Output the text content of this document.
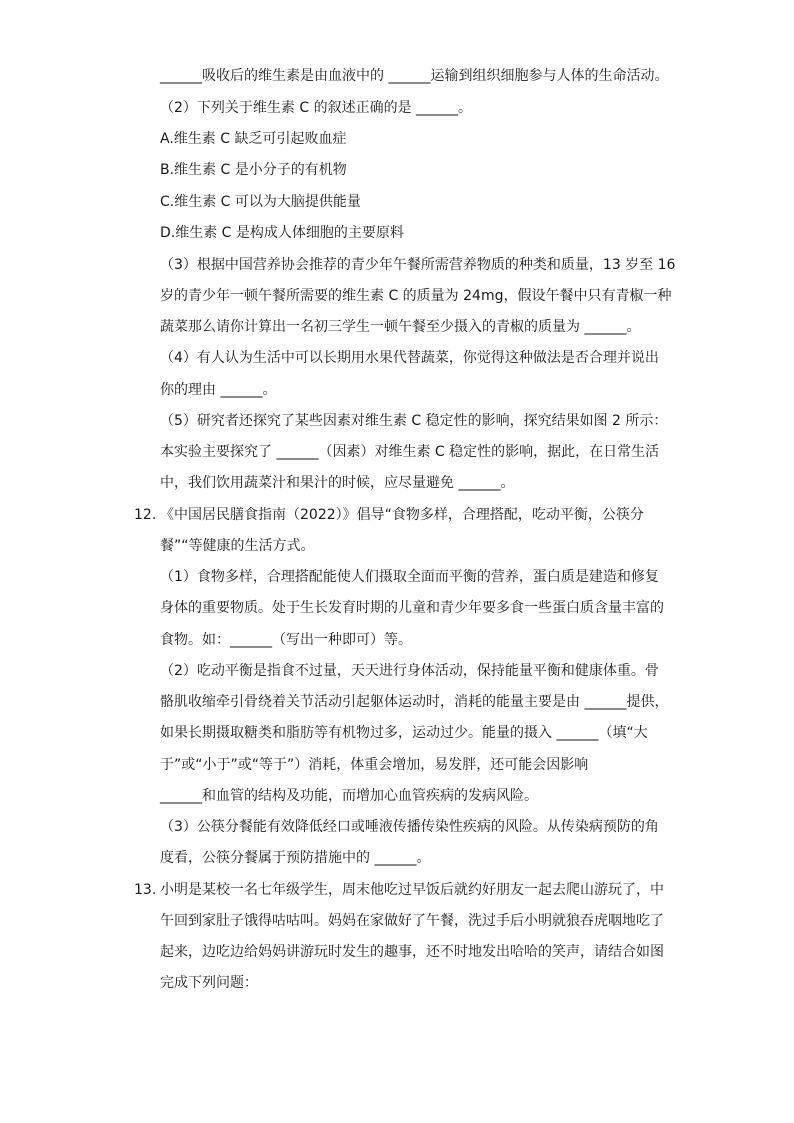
______吸收后的维生素是由血液中的 ______运输到组织细胞参与人体的生命活动。
（2）下列关于维生素 C 的叙述正确的是 ______。
A.维生素 C 缺乏可引起败血症
B.维生素 C 是小分子的有机物
C.维生素 C 可以为大脑提供能量
D.维生素 C 是构成人体细胞的主要原料
（3）根据中国营养协会推荐的青少年午餐所需营养物质的种类和质量，13 岁至 16
岁的青少年一顿午餐所需要的维生素 C 的质量为 24mg，假设午餐中只有青椒一种
蔬菜那么请你计算出一名初三学生一顿午餐至少摄入的青椒的质量为 ______。
（4）有人认为生活中可以长期用水果代替蔬菜，你觉得这种做法是否合理并说出
你的理由 ______。
（5）研究者还探究了某些因素对维生素 C 稳定性的影响，探究结果如图 2 所示：
本实验主要探究了 ______（因素）对维生素 C 稳定性的影响，据此，在日常生活
中，我们饮用蔬菜汁和果汁的时候，应尽量避免 ______。
12. 《中国居民膳食指南（2022）》倡导“食物多样，合理搭配，吃动平衡，公筷分
餐”“等健康的生活方式。
（1）食物多样，合理搭配能使人们摄取全面而平衡的营养，蛋白质是建造和修复
身体的重要物质。处于生长发育时期的儿童和青少年要多食一些蛋白质含量丰富的
食物。如：______（写出一种即可）等。
（2）吃动平衡是指食不过量，天天进行身体活动，保持能量平衡和健康体重。骨
骼肌收缩牵引骨绕着关节活动引起躯体运动时，消耗的能量主要是由 ______提供，
如果长期摄取糖类和脂肪等有机物过多，运动过少。能量的摄入 ______（填“大
于”或“小于”或“等于”）消耗，体重会增加，易发胖，还可能会因影响
______和血管的结构及功能，而增加心血管疾病的发病风险。
（3）公筷分餐能有效降低经口或唾液传播传染性疾病的风险。从传染病预防的角
度看，公筷分餐属于预防措施中的 ______。
13. 小明是某校一名七年级学生，周末他吃过早饭后就约好朋友一起去爬山游玩了，中
午回到家肚子饿得咕咕叫。妈妈在家做好了午餐，洗过手后小明就狼吞虎咽地吃了
起来，边吃边给妈妈讲游玩时发生的趣事，还不时地发出哈哈的笑声，请结合如图
完成下列问题：
